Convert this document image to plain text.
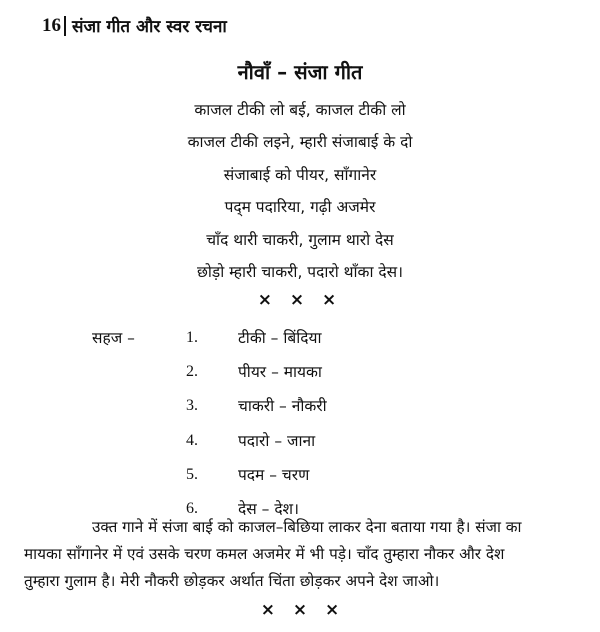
16 संजा गीत और स्वर रचना
नौवाँ – संजा गीत
काजल टीकी लो बई, काजल टीकी लो
काजल टीकी लइने, म्हारी संजाबाई के दो
संजाबाई को पीयर, साँगानेर
पद्‌म पदारिया, गढ़ी अजमेर
चाँद थारी चाकरी, गुलाम थारो देस
छोड़ो म्हारी चाकरी, पदारो थाँका देस।
× × ×
सहज –	1.	टीकी – बिंदिया
2.	पीयर – मायका
3.	चाकरी – नौकरी
4.	पदारो – जाना
5.	पदम – चरण
6.	देस – देश।
उक्त गाने में संजा बाई को काजल–बिछिया लाकर देना बताया गया है। संजा का
मायका साँगानेर में एवं उसके चरण कमल अजमेर में भी पड़े। चाँद तुम्हारा नौकर और देश
तुम्हारा गुलाम है। मेरी नौकरी छोड़कर अर्थात चिंता छोड़कर अपने देश जाओ।
× × ×
